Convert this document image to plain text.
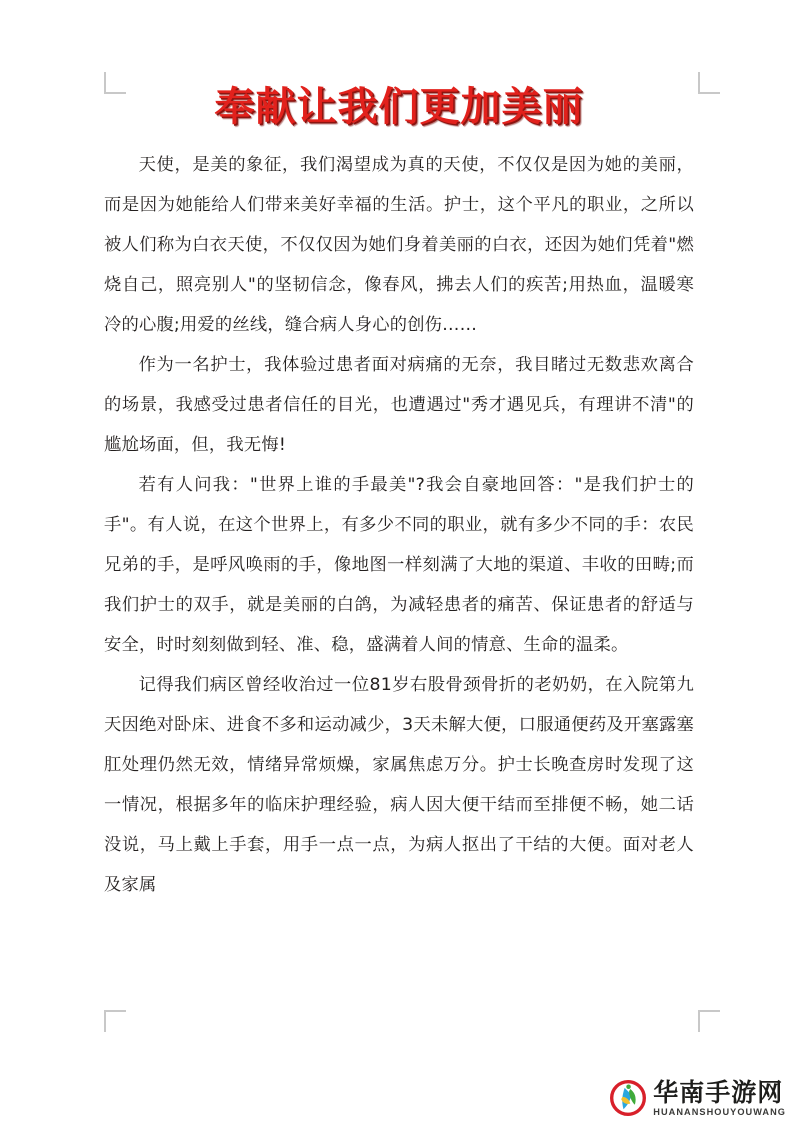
奉献让我们更加美丽

天使，是美的象征，我们渴望成为真的天使，不仅仅是因为她的美丽，而是因为她能给人们带来美好幸福的生活。护士，这个平凡的职业，之所以被人们称为白衣天使，不仅仅因为她们身着美丽的白衣，还因为她们凭着"燃烧自己，照亮别人"的坚韧信念，像春风，拂去人们的疾苦;用热血，温暖寒冷的心腹;用爱的丝线，缝合病人身心的创伤……

作为一名护士，我体验过患者面对病痛的无奈，我目睹过无数悲欢离合的场景，我感受过患者信任的目光，也遭遇过"秀才遇见兵，有理讲不清"的尴尬场面，但，我无悔!

若有人问我："世界上谁的手最美"?我会自豪地回答："是我们护士的手"。有人说，在这个世界上，有多少不同的职业，就有多少不同的手：农民兄弟的手，是呼风唤雨的手，像地图一样刻满了大地的渠道、丰收的田畴;而我们护士的双手，就是美丽的白鸽，为减轻患者的痛苦、保证患者的舒适与安全，时时刻刻做到轻、准、稳，盛满着人间的情意、生命的温柔。

记得我们病区曾经收治过一位81岁右股骨颈骨折的老奶奶，在入院第九天因绝对卧床、进食不多和运动减少，3天未解大便，口服通便药及开塞露塞肛处理仍然无效，情绪异常烦燥，家属焦虑万分。护士长晚查房时发现了这一情况，根据多年的临床护理经验，病人因大便干结而至排便不畅，她二话没说，马上戴上手套，用手一点一点，为病人抠出了干结的大便。面对老人及家属

华南手游网
HUANANSHOUYOUWANG
